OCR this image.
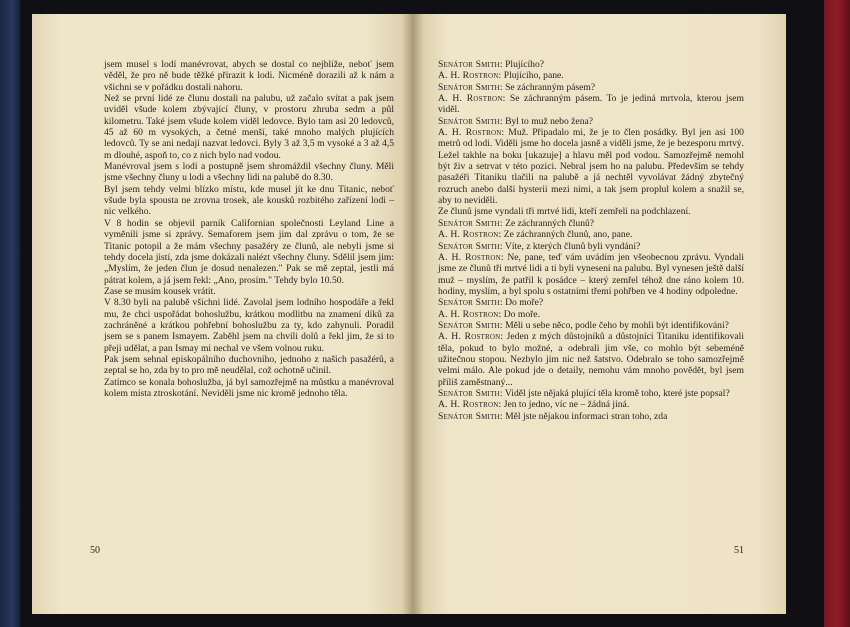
jsem musel s lodí manévrovat, abych se dostal co nejblíže, neboť jsem věděl, že pro ně bude těžké přirazit k lodi. Nicméně dorazili až k nám a všichni se v pořádku dostali nahoru.

Než se první lidé ze člunu dostali na palubu, už začalo svítat a pak jsem uviděl všude kolem zbývající čluny, v prostoru zhruba sedm a půl kilometru. Také jsem všude kolem viděl ledovce. Bylo tam asi 20 ledovců, 45 až 60 m vysokých, a četné menší, také mnoho malých plujících ledovců. Ty se ani nedají nazvat ledovci. Byly 3 až 3,5 m vysoké a 3 až 4,5 m dlouhé, aspoň to, co z nich bylo nad vodou.

Manévroval jsem s lodí a postupně jsem shromáždil všechny čluny. Měli jsme všechny čluny u lodi a všechny lidi na palubě do 8.30.

Byl jsem tehdy velmi blízko místu, kde musel jít ke dnu Titanic, neboť všude byla spousta ne zrovna trosek, ale kousků rozbitého zařízení lodi – nic velkého.

V 8 hodin se objevil parník Californian společnosti Leyland Line a vyměnili jsme si zprávy. Semaforem jsem jim dal zprávu o tom, že se Titanic potopil a že mám všechny pasažéry ze člunů, ale nebyli jsme si tehdy docela jistí, zda jsme dokázali nalézt všechny čluny. Sdělil jsem jim: „Myslím, že jeden člun je dosud nenalezen." Pak se mě zeptal, jestli má pátrat kolem, a já jsem řekl: „Ano, prosím." Tehdy bylo 10.50.

Zase se musím kousek vrátit.

V 8.30 byli na palubě všichni lidé. Zavolal jsem lodního hospodáře a řekl mu, že chci uspořádat bohoslužbu, krátkou modlitbu na znamení díků za zachráněné a krátkou pohřební bohoslužbu za ty, kdo zahynuli. Poradil jsem se s panem Ismayem. Zaběhl jsem na chvíli dolů a řekl jim, že si to přeji udělat, a pan Ismay mi nechal ve všem volnou ruku.

Pak jsem sehnal episkopálního duchovního, jednoho z našich pasažérů, a zeptal se ho, zda by to pro mě neudělal, což ochotně učinil.

Zatímco se konala bohoslužba, já byl samozřejmě na můstku a manévroval kolem místa ztroskotání. Neviděli jsme nic kromě jednoho těla.

50

Senátor Smith: Plujícího?

A. H. Rostron: Plujícího, pane.

Senátor Smith: Se záchranným pásem?

A. H. Rostron: Se záchranným pásem. To je jediná mrtvola, kterou jsem viděl.

Senátor Smith: Byl to muž nebo žena?

A. H. Rostron: Muž. Připadalo mi, že je to člen posádky. Byl jen asi 100 metrů od lodi. Viděli jsme ho docela jasně a viděli jsme, že je bezesporu mrtvý. Ležel takhle na boku [ukazuje] a hlavu měl pod vodou. Samozřejmě nemohl být živ a setrvat v této pozici. Nebral jsem ho na palubu. Především se tehdy pasažéři Titaniku tlačili na palubě a já nechtěl vyvolávat žádný zbytečný rozruch anebo další hysterii mezi nimi, a tak jsem proplul kolem a snažil se, aby to neviděli.

Ze člunů jsme vyndali tři mrtvé lidi, kteří zemřeli na podchlazení.

Senátor Smith: Ze záchranných člunů?

A. H. Rostron: Ze záchranných člunů, ano, pane.

Senátor Smith: Víte, z kterých člunů byli vyndáni?

A. H. Rostron: Ne, pane, teď vám uvádím jen všeobecnou zprávu. Vyndali jsme ze člunů tři mrtvé lidi a ti byli vyneseni na palubu. Byl vynesen ještě další muž – myslím, že patřil k posádce – který zemřel téhož dne ráno kolem 10. hodiny, myslím, a byl spolu s ostatními třemi pohřben ve 4 hodiny odpoledne.

Senátor Smith: Do moře?

A. H. Rostron: Do moře.

Senátor Smith: Měli u sebe něco, podle čeho by mohli být identifikováni?

A. H. Rostron: Jeden z mých důstojníků a důstojníci Titaniku identifikovali těla, pokud to bylo možné, a odebrali jim vše, co mohlo být sebeméně užitečnou stopou. Nezbylo jim nic než šatstvo. Odebralo se toho samozřejmě velmi málo. Ale pokud jde o detaily, nemohu vám mnoho povědět, byl jsem příliš zaměstnaný...

Senátor Smith: Viděl jste nějaká plující těla kromě toho, které jste popsal?

A. H. Rostron: Jen to jedno, víc ne – žádná jiná.

Senátor Smith: Měl jste nějakou informaci stran toho, zda

51
